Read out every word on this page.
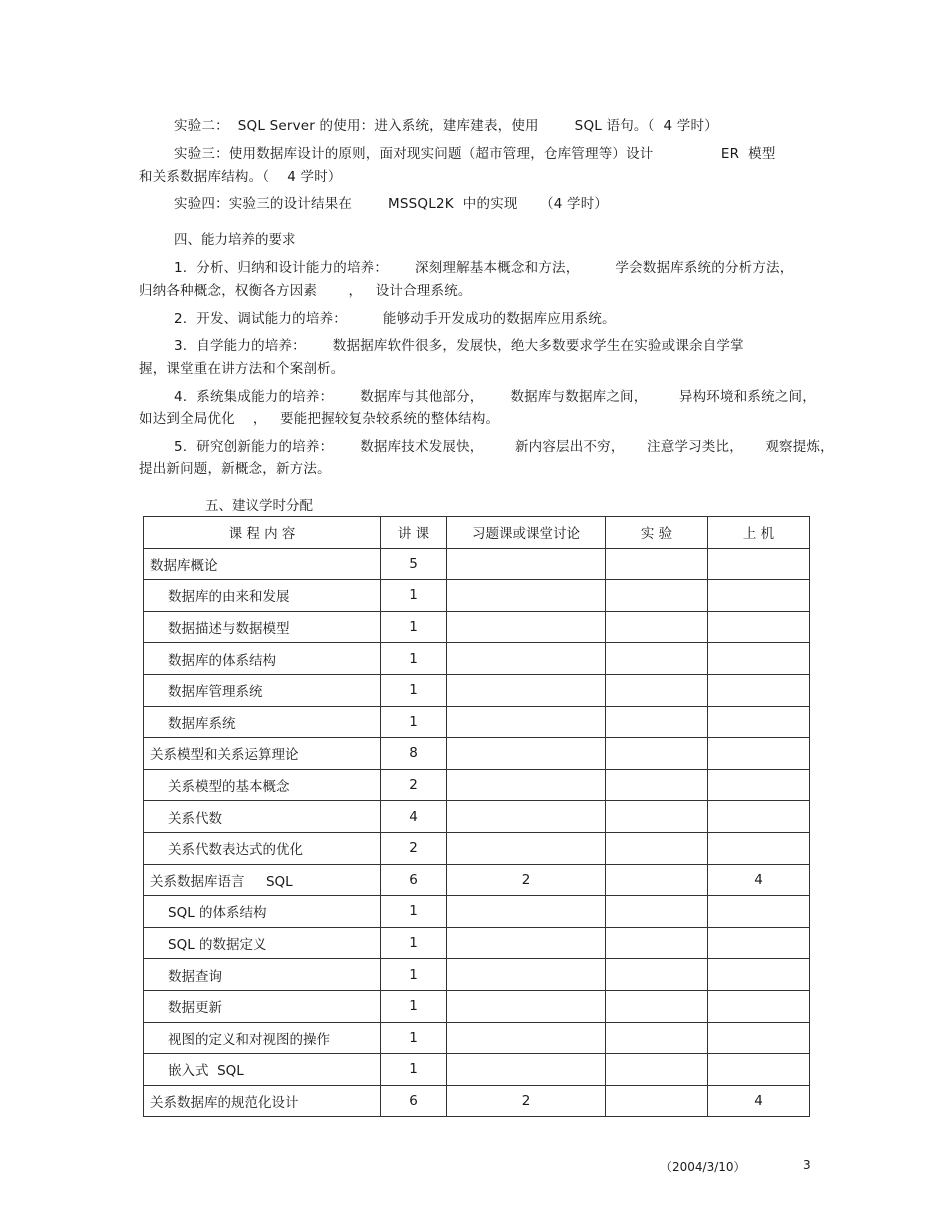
实验二：  SQL Server 的使用：进入系统，建库建表，使用        SQL 语句。（  4 学时）
实验三：使用数据库设计的原则，面对现实问题（超市管理，仓库管理等）设计               ER  模型
和关系数据库结构。（    4 学时）
实验四：实验三的设计结果在        MSSQL2K  中的实现     （4 学时）
四、能力培养的要求
1.  分析、归纳和设计能力的培养：      深刻理解基本概念和方法，        学会数据库系统的分析方法，
归纳各种概念，权衡各方因素       ，   设计合理系统。
2.  开发、调试能力的培养：        能够动手开发成功的数据库应用系统。
3.  自学能力的培养：      数据据库软件很多，发展快，绝大多数要求学生在实验或课余自学掌
握，课堂重在讲方法和个案剖析。
4.  系统集成能力的培养：      数据库与其他部分，      数据库与数据库之间，       异构环境和系统之间，
如达到全局优化    ，   要能把握较复杂较系统的整体结构。
5.  研究创新能力的培养：      数据库技术发展快，       新内容层出不穷，     注意学习类比，     观察提炼，
提出新问题，新概念，新方法。
五、建议学时分配
课 程 内 容	讲 课	习题课或课堂讨论	实 验	上 机
数据库概论	5			
数据库的由来和发展	1			
数据描述与数据模型	1			
数据库的体系结构	1			
数据库管理系统	1			
数据库系统	1			
关系模型和关系运算理论	8			
关系模型的基本概念	2			
关系代数	4			
关系代数表达式的优化	2			
关系数据库语言     SQL	6	2		4
SQL 的体系结构	1			
SQL 的数据定义	1			
数据查询	1			
数据更新	1			
视图的定义和对视图的操作	1			
嵌入式  SQL	1			
关系数据库的规范化设计	6	2		4
（2004/3/10）	3
